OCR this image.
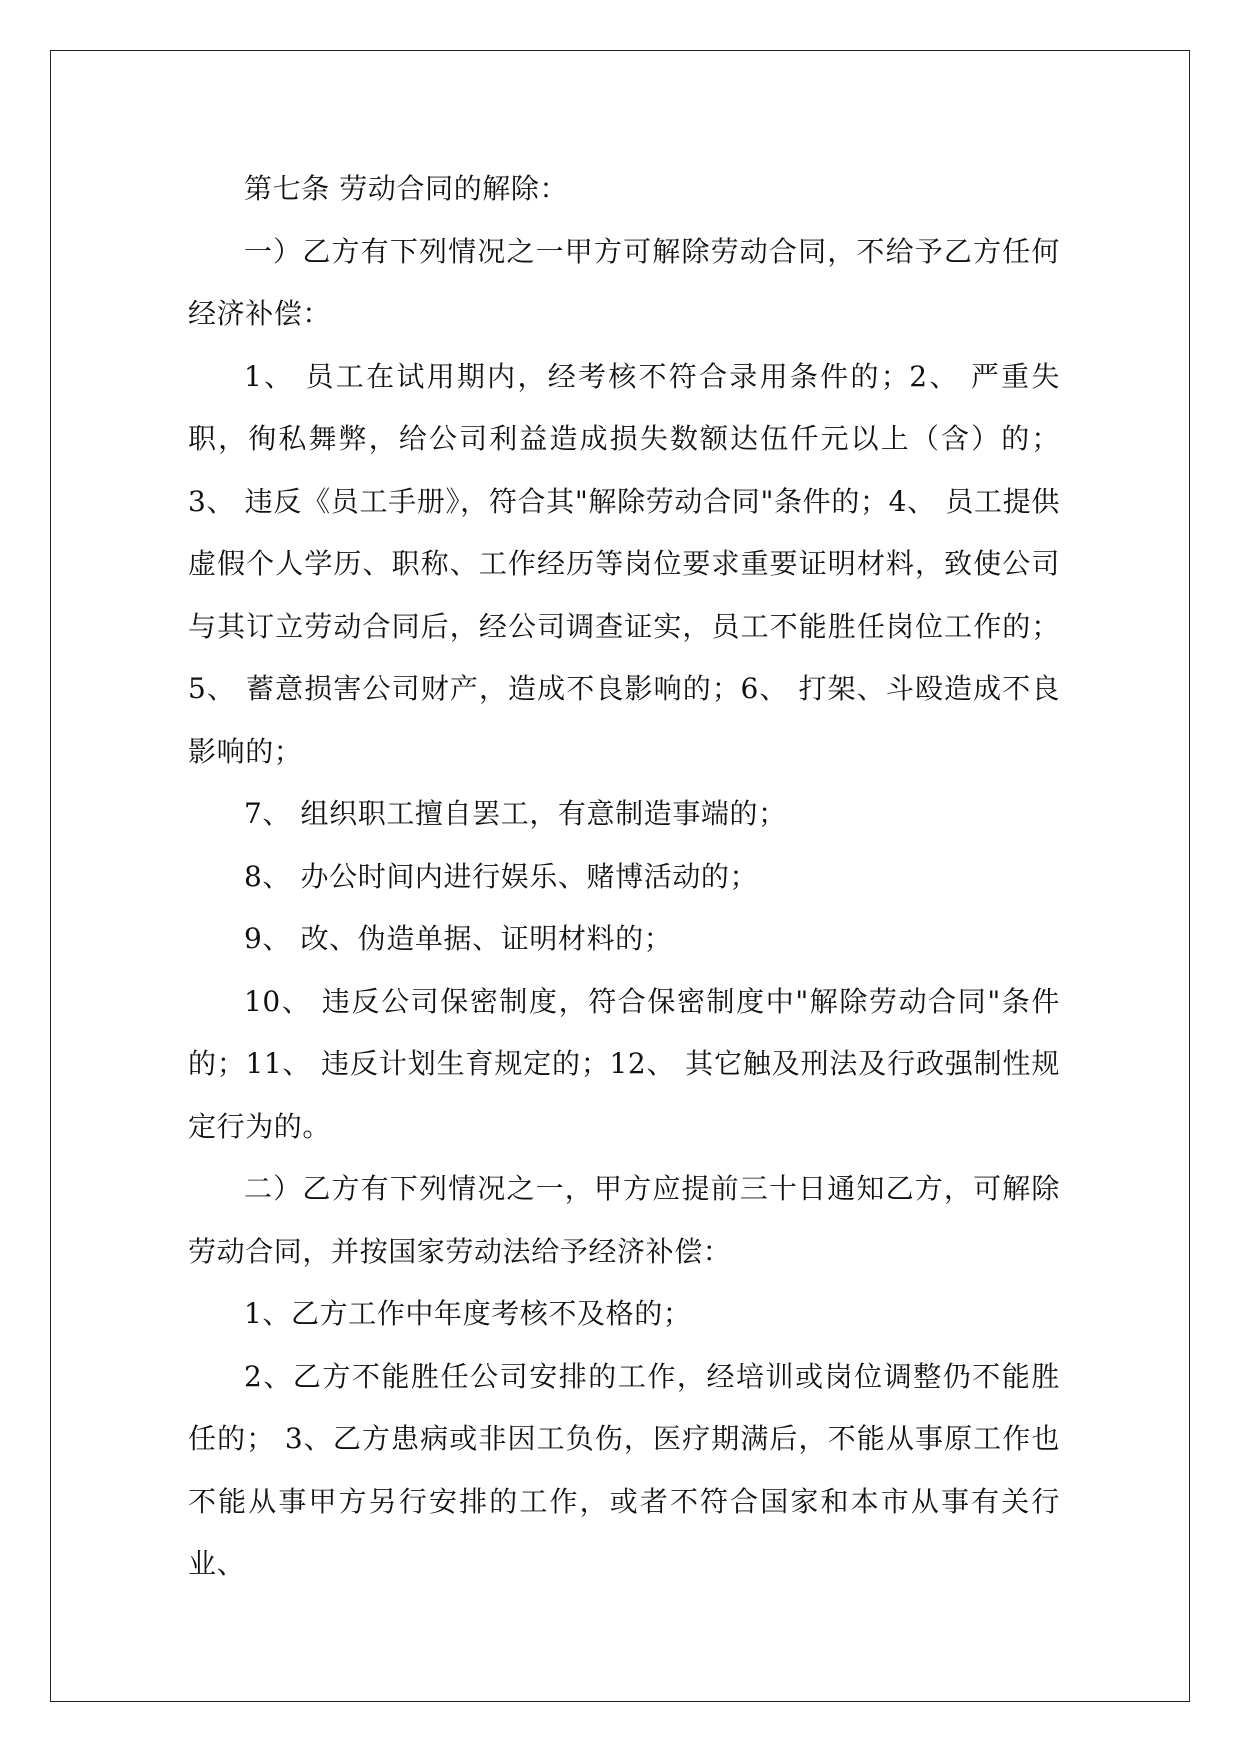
第七条 劳动合同的解除：

一）乙方有下列情况之一甲方可解除劳动合同，不给予乙方任何经济补偿：

1、 员工在试用期内，经考核不符合录用条件的；2、 严重失职，徇私舞弊，给公司利益造成损失数额达伍仟元以上（含）的；3、 违反《员工手册》，符合其"解除劳动合同"条件的；4、 员工提供虚假个人学历、职称、工作经历等岗位要求重要证明材料，致使公司与其订立劳动合同后，经公司调查证实，员工不能胜任岗位工作的；5、 蓄意损害公司财产，造成不良影响的；6、 打架、斗殴造成不良影响的；

7、 组织职工擅自罢工，有意制造事端的；

8、 办公时间内进行娱乐、赌博活动的；

9、 改、伪造单据、证明材料的；

10、 违反公司保密制度，符合保密制度中"解除劳动合同"条件的；11、 违反计划生育规定的；12、 其它触及刑法及行政强制性规定行为的。

二）乙方有下列情况之一，甲方应提前三十日通知乙方，可解除劳动合同，并按国家劳动法给予经济补偿：

1、乙方工作中年度考核不及格的；

2、乙方不能胜任公司安排的工作，经培训或岗位调整仍不能胜任的； 3、乙方患病或非因工负伤，医疗期满后，不能从事原工作也不能从事甲方另行安排的工作，或者不符合国家和本市从事有关行业、
